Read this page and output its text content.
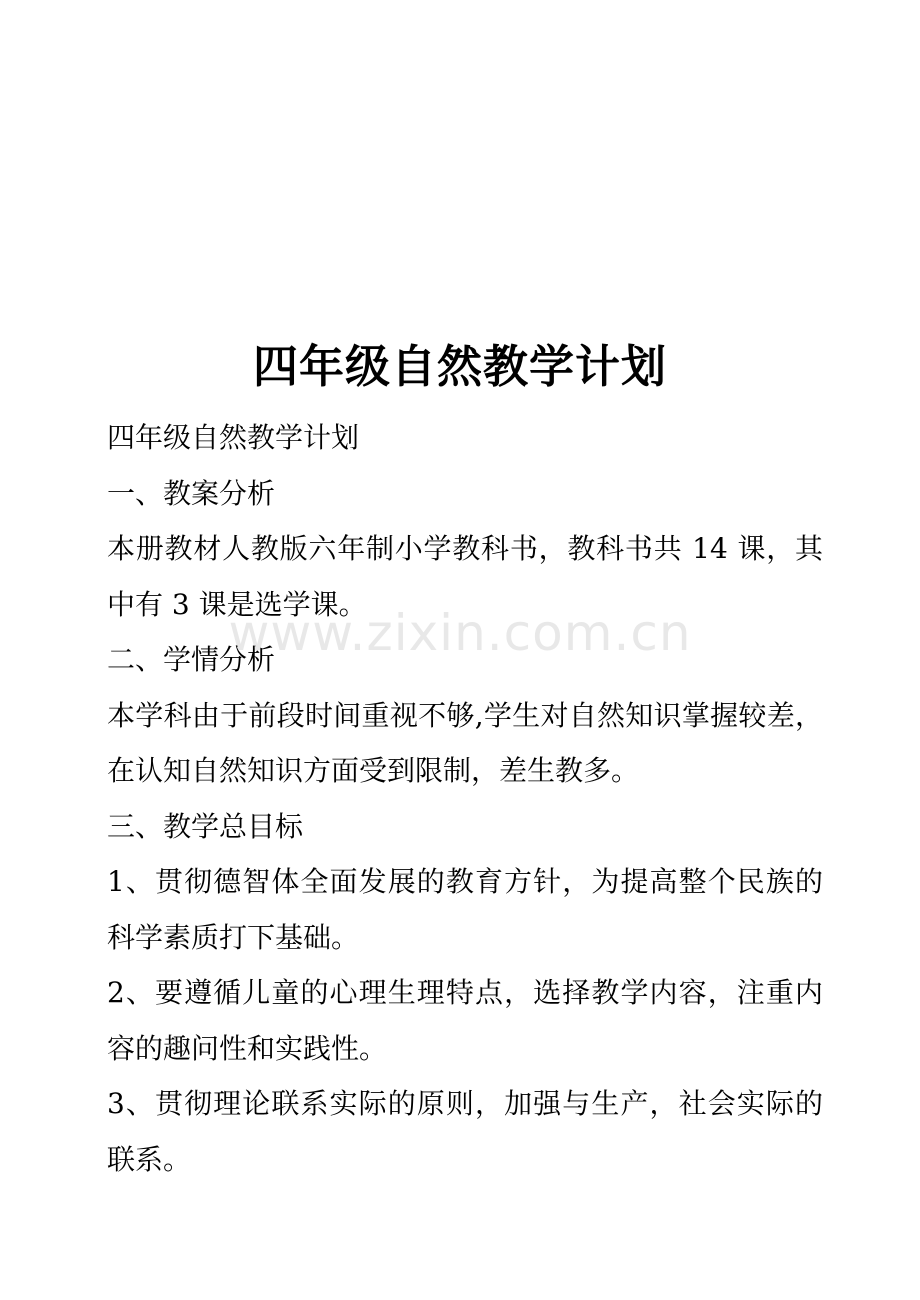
四年级自然教学计划

四年级自然教学计划

一、教案分析

本册教材人教版六年制小学教科书，教科书共 14 课，其中有 3 课是选学课。

二、学情分析

本学科由于前段时间重视不够,学生对自然知识掌握较差，在认知自然知识方面受到限制，差生教多。

三、教学总目标

1、贯彻德智体全面发展的教育方针，为提高整个民族的科学素质打下基础。

2、要遵循儿童的心理生理特点，选择教学内容，注重内容的趣问性和实践性。

3、贯彻理论联系实际的原则，加强与生产，社会实际的联系。

www.zixin.com.cn
